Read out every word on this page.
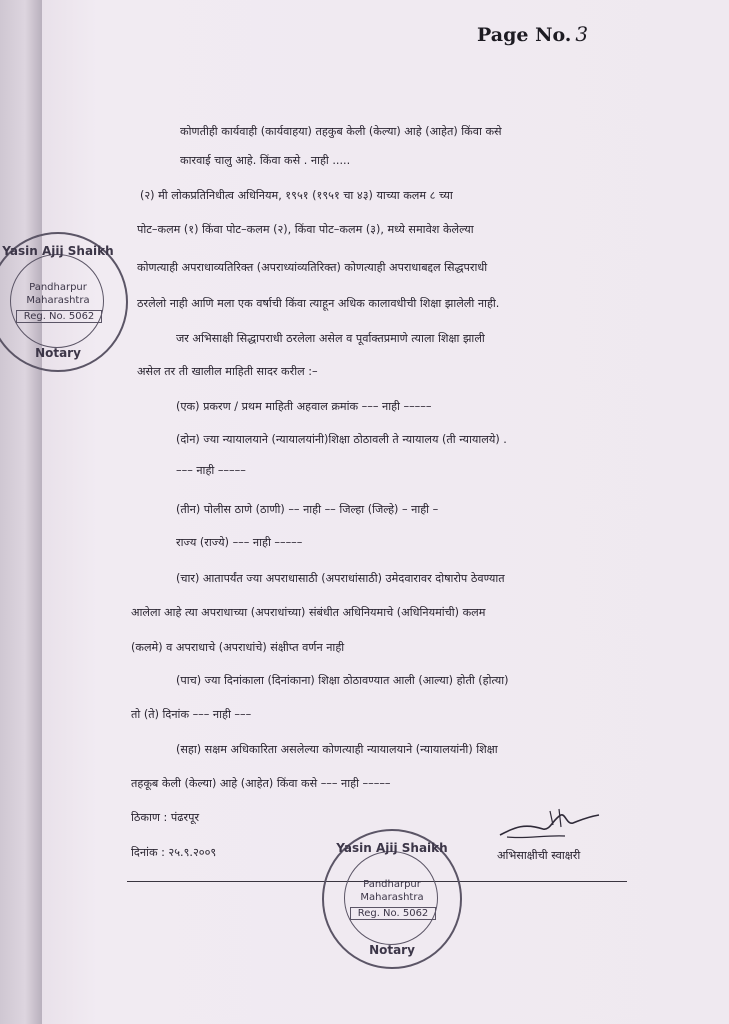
Page No. 3
कोणतीही कार्यवाही (कार्यवाहया) तहकुब केली (केल्या) आहे (आहेत) किंवा कसे
कारवाई चालु आहे. किंवा कसे . नाही .....
(२) मी लोकप्रतिनिधीत्व अधिनियम, १९५१ (१९५१ चा ४३) याच्या कलम ८ च्या
पोट–कलम (१) किंवा पोट–कलम (२), किंवा पोट–कलम (३), मध्ये समावेश केलेल्या
कोणत्याही अपराधाव्यतिरिक्त (अपराध्यांव्यतिरिक्त) कोणत्याही अपराधाबद्दल सिद्धपराधी
ठरलेलो नाही आणि मला एक वर्षाची किंवा त्याहून अधिक कालावधीची शिक्षा झालेली नाही.
जर अभिसाक्षी सिद्धापराधी ठरलेला असेल व पूर्वाक्तप्रमाणे त्याला शिक्षा झाली
असेल तर ती खालील माहिती सादर करील :–
(एक) प्रकरण / प्रथम माहिती अहवाल क्रमांक ––– नाही –––––
(दोन) ज्या न्यायालयाने (न्यायालयांनी)शिक्षा ठोठावली ते न्यायालय (ती न्यायालये) .
––– नाही –––––
(तीन) पोलीस ठाणे (ठाणी) –– नाही –– जिल्हा (जिल्हे) – नाही –
राज्य (राज्ये) ––– नाही –––––
(चार) आतापर्यंत ज्या अपराधासाठी (अपराधांसाठी) उमेदवारावर दोषारोप ठेवण्यात
आलेला आहे त्या अपराधाच्या (अपराधांच्या) संबंधीत अधिनियमाचे (अधिनियमांची) कलम
(कलमे) व अपराधाचे (अपराधांचे) संक्षीप्त वर्णन नाही
(पाच) ज्या दिनांकाला (दिनांकाना) शिक्षा ठोठावण्यात आली (आल्या) होती (होत्या)
तो (ते) दिनांक ––– नाही –––
(सहा) सक्षम अधिकारिता असलेल्या कोणत्याही न्यायालयाने (न्यायालयांनी) शिक्षा
तहकूब केली (केल्या) आहे (आहेत) किंवा कसे ––– नाही –––––
ठिकाण : पंढरपूर
दिनांक : २५.९.२००९	अभिसाक्षीची स्वाक्षरी
Yasin Ajij Shaikh
Pandharpur
Maharashtra
Reg. No. 5062
Notary
Yasin Ajij Shaikh
Pandharpur
Maharashtra
Reg. No. 5062
Notary
